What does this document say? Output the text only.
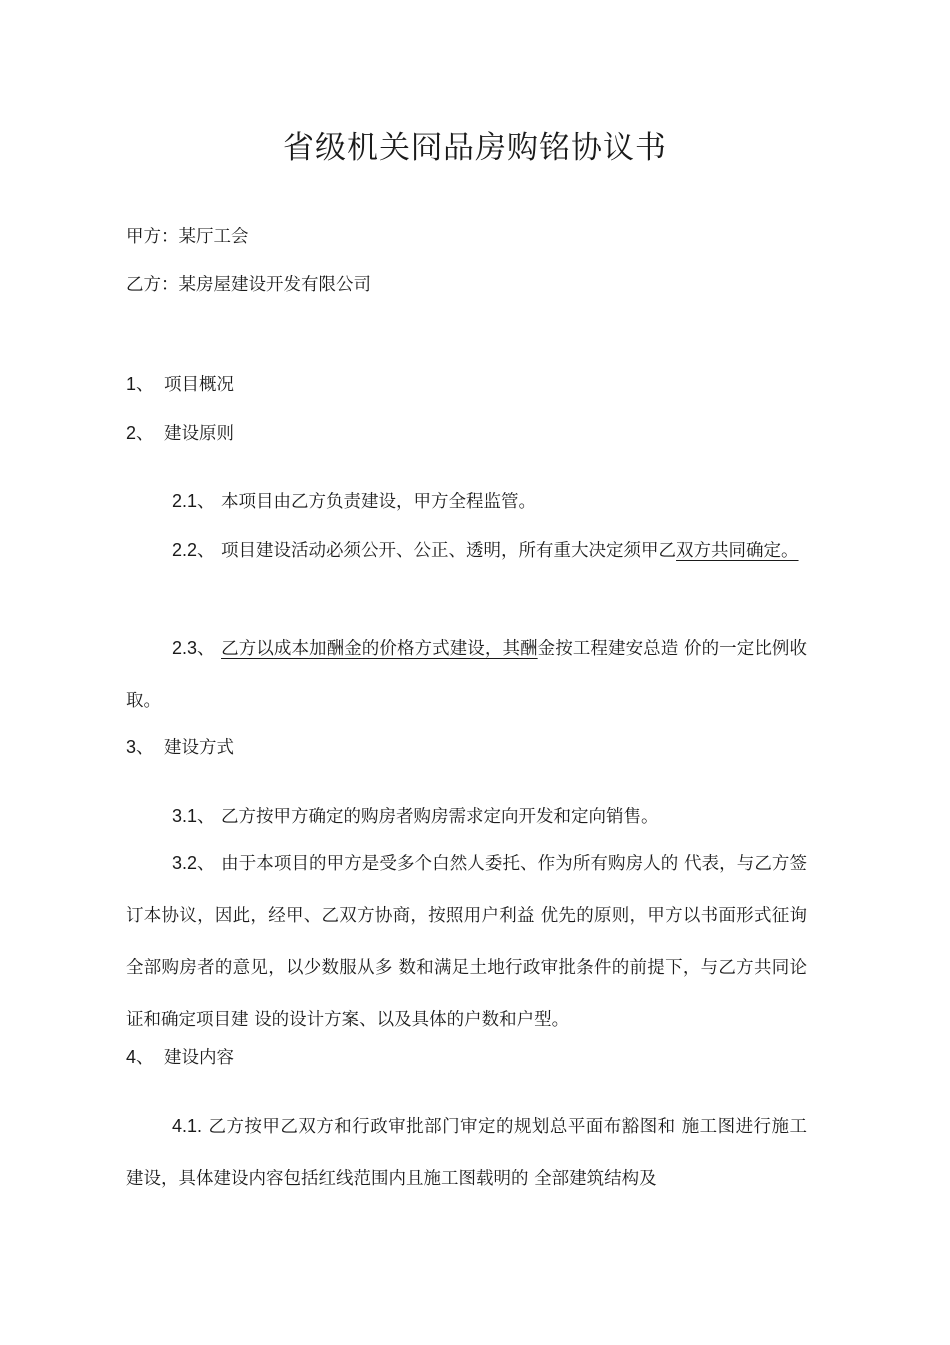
省级机关冏品房购铭协议书
甲方：某厅工会
乙方：某房屋建设开发有限公司
1、 项目概况
2、 建设原则
2.1、 本项目由乙方负责建设，甲方全程监管。
2.2、 项目建设活动必须公开、公正、透明，所有重大决定须甲乙双方共同确定。
2.3、 乙方以成本加酬金的价格方式建设，其酬金按工程建安总造 价的一定比例收取。
3、 建设方式
3.1、 乙方按甲方确定的购房者购房需求定向开发和定向销售。
3.2、 由于本项目的甲方是受多个白然人委托、作为所有购房人的 代表，与乙方签订本协议，因此，经甲、乙双方协商，按照用户利益 优先的原则，甲方以书面形式征询全部购房者的意见，以少数服从多 数和满足土地行政审批条件的前提下，与乙方共同论证和确定项目建 设的设计方案、以及具体的户数和户型。
4、 建设内容
4.1. 乙方按甲乙双方和行政审批部门审定的规划总平面布豁图和 施工图进行施工建设，具体建设内容包括红线范围内且施工图载明的 全部建筑结构及
